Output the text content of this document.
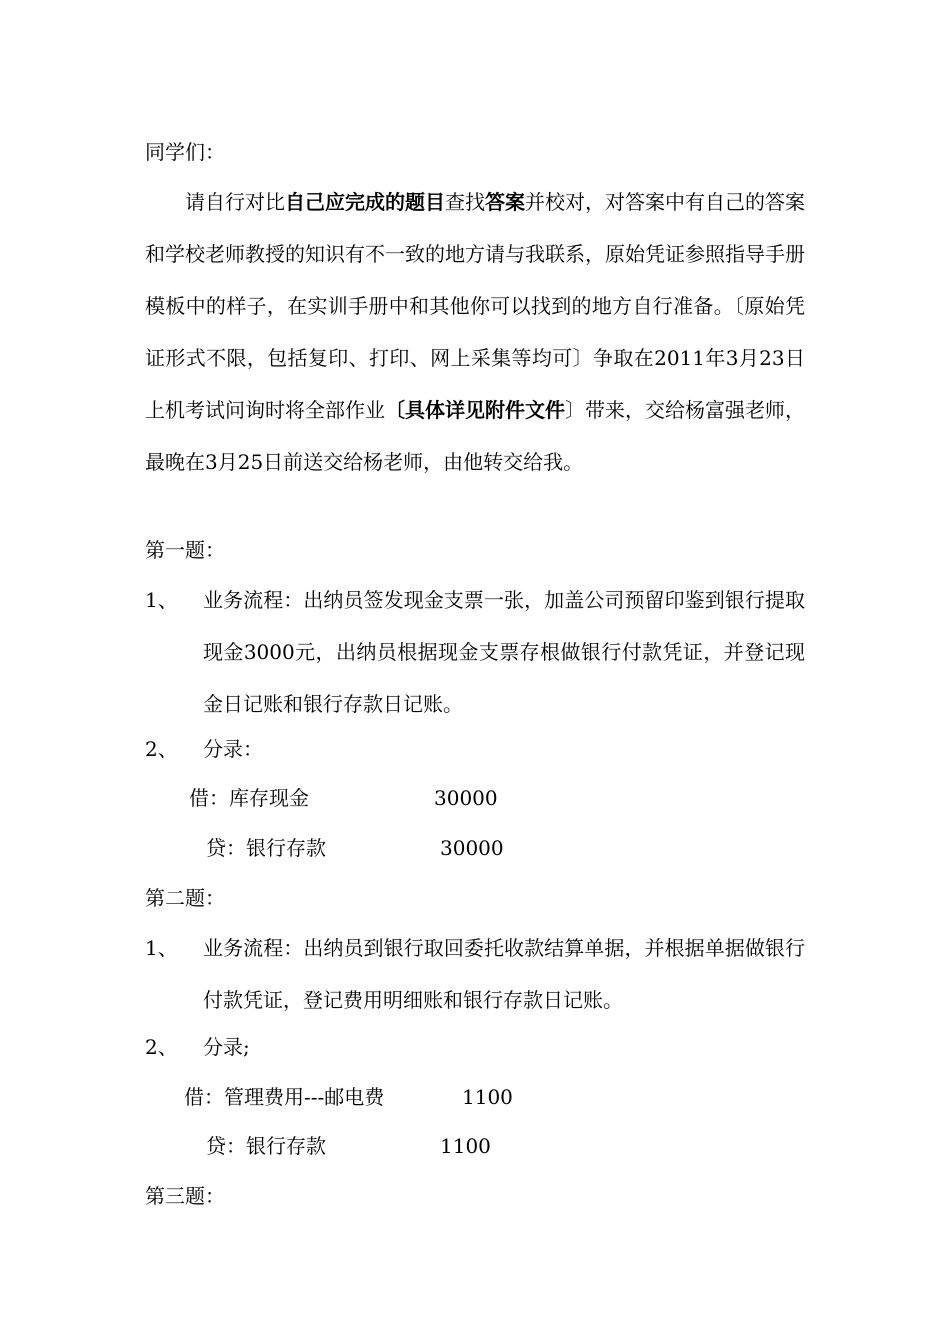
同学们：
请自行对比自己应完成的题目查找答案并校对，对答案中有自己的答案和学校老师教授的知识有不一致的地方请与我联系，原始凭证参照指导手册模板中的样子，在实训手册中和其他你可以找到的地方自行准备。〔原始凭证形式不限，包括复印、打印、网上采集等均可〕争取在2011年3月23日上机考试问询时将全部作业〔具体详见附件文件〕带来，交给杨富强老师，最晚在3月25日前送交给杨老师，由他转交给我。
第一题：
1、 业务流程：出纳员签发现金支票一张，加盖公司预留印鉴到银行提取现金3000元，出纳员根据现金支票存根做银行付款凭证，并登记现金日记账和银行存款日记账。
2、 分录：
借：库存现金	30000
贷：银行存款	30000
第二题：
1、 业务流程：出纳员到银行取回委托收款结算单据，并根据单据做银行付款凭证，登记费用明细账和银行存款日记账。
2、 分录;
借：管理费用---邮电费	1100
贷：银行存款	1100
第三题：
